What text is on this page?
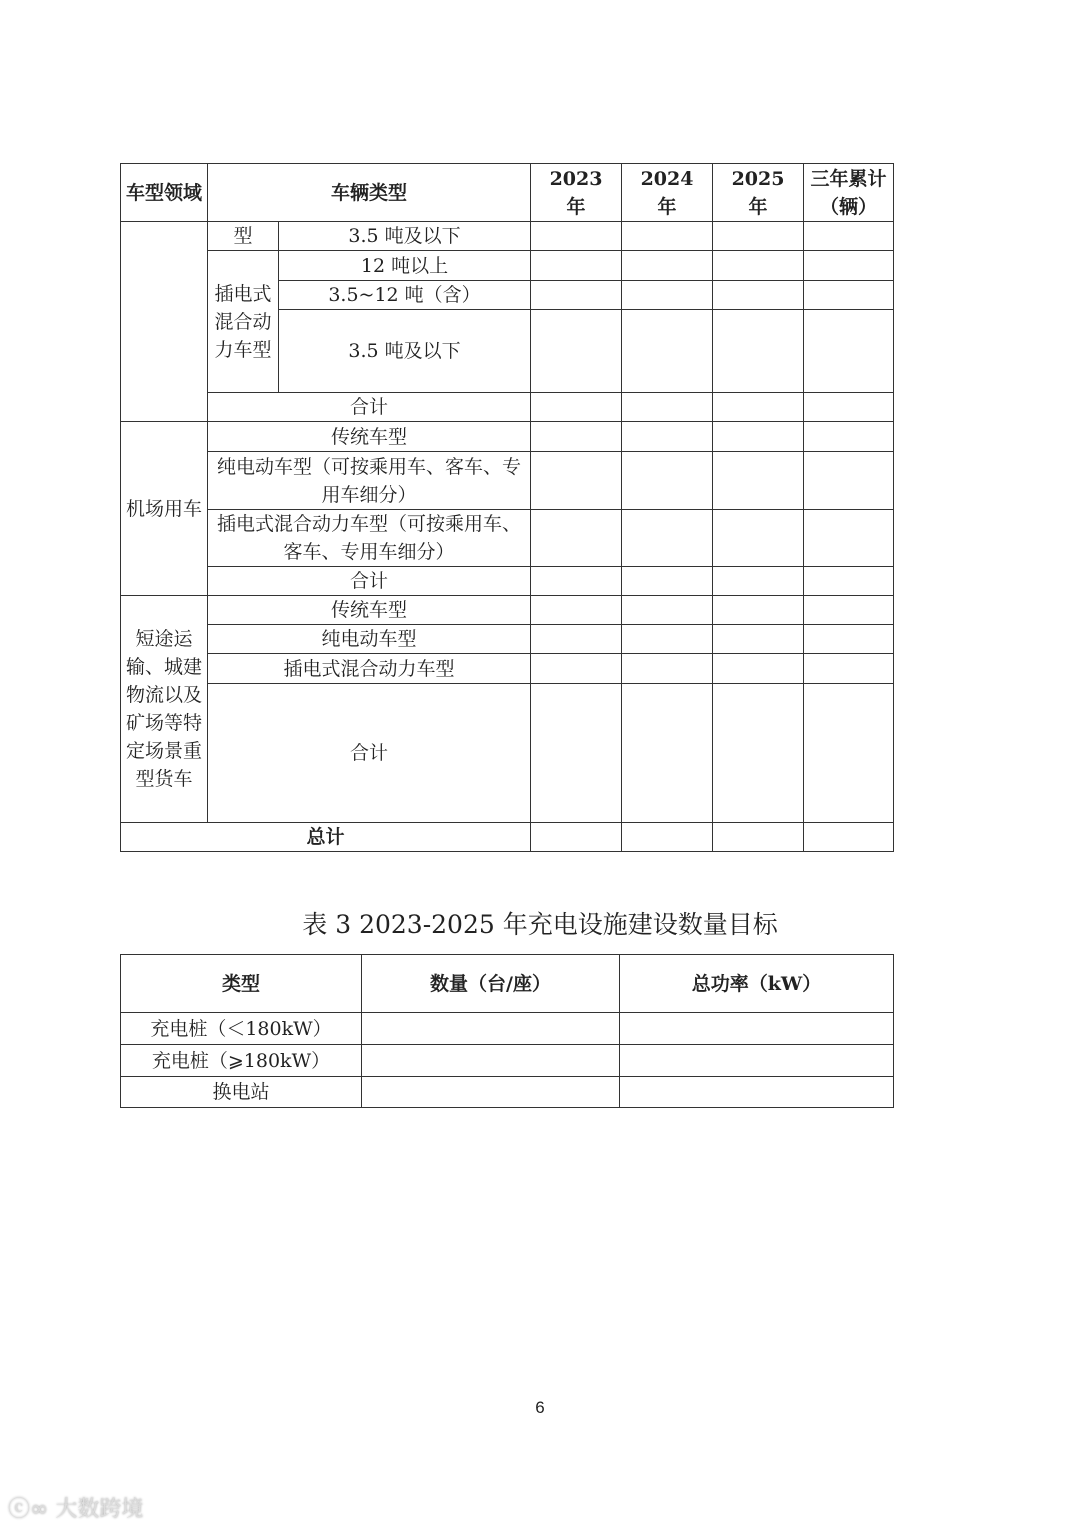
车型领域	车辆类型		2023 年	2024 年	2025 年	三年累计（辆）
	型	3.5 吨及以下				
	插电式混合动力车型	12 吨以上				
		3.5~12 吨（含）				
		3.5 吨及以下				
	合计					
机场用车	传统车型					
	纯电动车型（可按乘用车、客车、专用车细分）					
	插电式混合动力车型（可按乘用车、客车、专用车细分）					
	合计					
短途运输、城建物流以及矿场等特定场景重型货车	传统车型					
	纯电动车型					
	插电式混合动力车型					
	合计					
总计						
表 3 2023-2025 年充电设施建设数量目标
类型	数量（台/座）	总功率（kW）
充电桩（＜180kW）		
充电桩（⩾180kW）		
换电站		
6
ⓒ∞ 大数跨境
